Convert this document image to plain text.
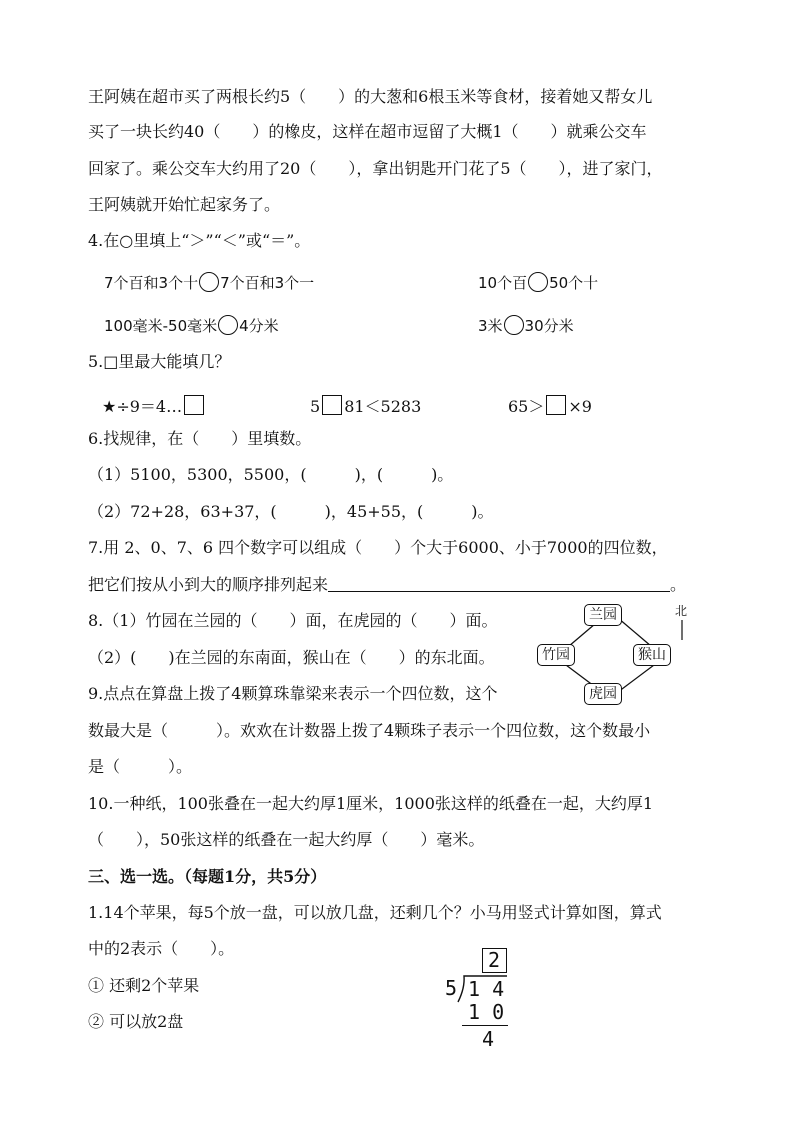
王阿姨在超市买了两根长约5（　　）的大葱和6根玉米等食材，接着她又帮女儿
买了一块长约40（　　）的橡皮，这样在超市逗留了大概1（　　）就乘公交车
回家了。乘公交车大约用了20（　　），拿出钥匙开门花了5（　　），进了家门，
王阿姨就开始忙起家务了。
4.在○里填上“＞”“＜”或“＝”。
7个百和3个十 7个百和3个一	10个百 50个十
100毫米-50毫米 4分米	3米 30分米
5.□里最大能填几？
★÷9＝4…	5 81＜5283	65＞ ×9
6.找规律，在（　　）里填数。
（1）5100，5300，5500，(　　　)，(　　　)。
（2）72+28，63+37，(　　　)，45+55，(　　　)。
7.用 2、0、7、6 四个数字可以组成（　　）个大于6000、小于7000的四位数，
把它们按从小到大的顺序排列起来	。
8.（1）竹园在兰园的（　　）面，在虎园的（　　）面。
（2）(　　)在兰园的东南面，猴山在（　　）的东北面。
兰园
竹园	猴山
虎园
北
9.点点在算盘上拨了4颗算珠靠梁来表示一个四位数，这个
数最大是（　　　）。欢欢在计数器上拨了4颗珠子表示一个四位数，这个数最小
是（　　　）。
10.一种纸，100张叠在一起大约厚1厘米，1000张这样的纸叠在一起，大约厚1
（　　），50张这样的纸叠在一起大约厚（　　）毫米。
三、选一选。（每题1分，共5分）
1.14个苹果，每5个放一盘，可以放几盘，还剩几个？小马用竖式计算如图，算式
中的2表示（　　）。
① 还剩2个苹果
② 可以放2盘
2
5 1 4
1 0
4
